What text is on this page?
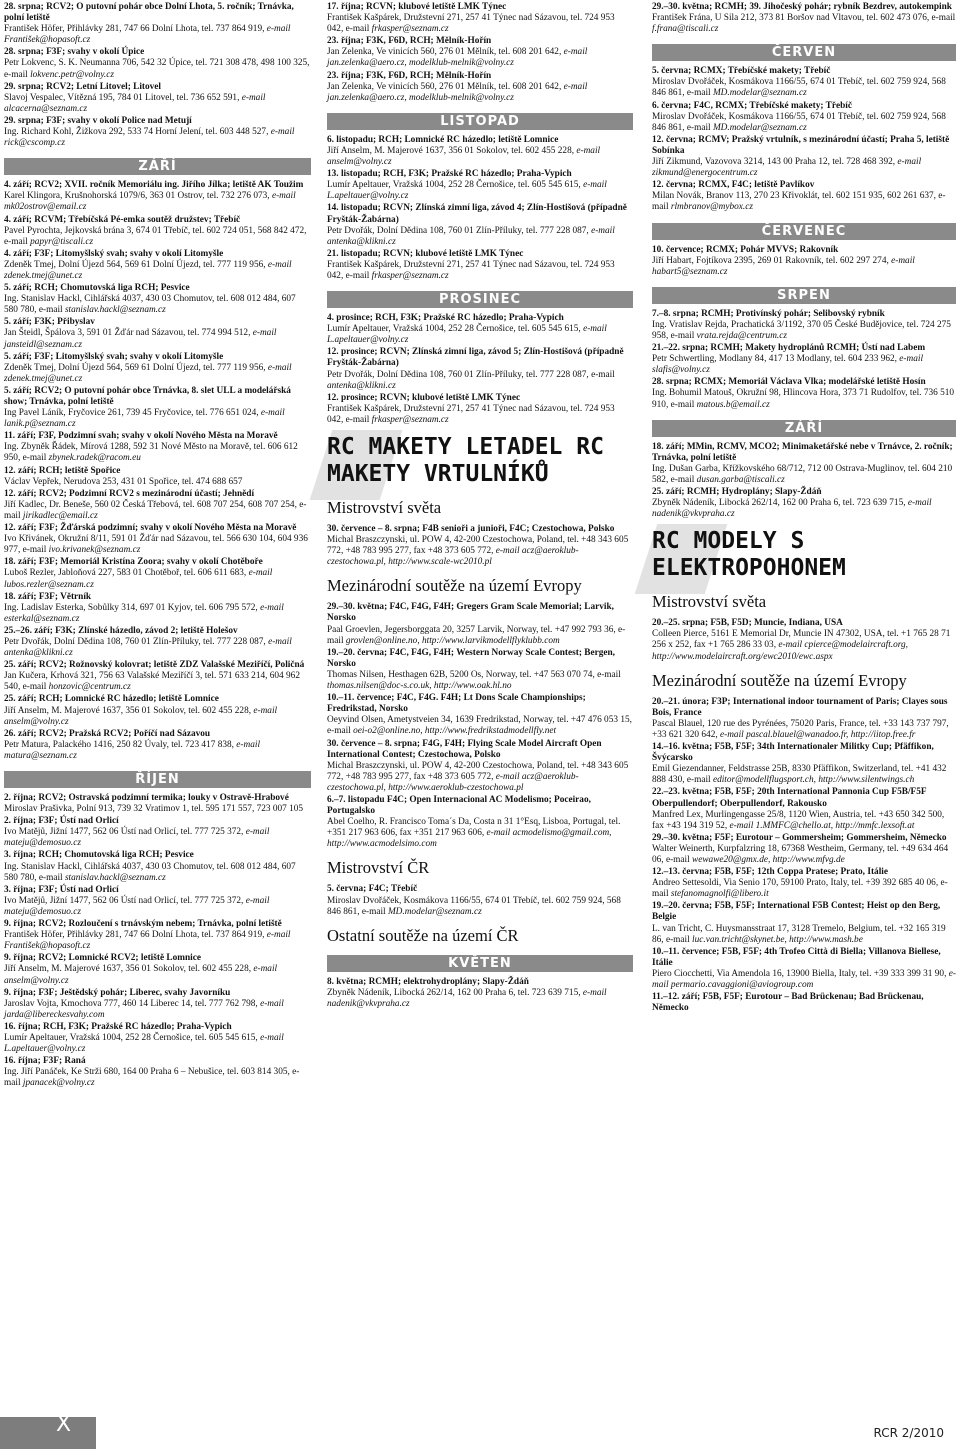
28. srpna; RCV2; O putovní pohár obce Dolní Lhota, 5. ročník; Trnávka, polní letiště
František Höfer, Přihlávky 281, 747 66 Dolní Lhota, tel. 737 864 919, e-mail František@hopasoft.cz
28. srpna; F3F; svahy v okolí Úpice
Petr Lokvenc, S. K. Neumanna 706, 542 32 Úpice, tel. 721 308 478, 498 100 325, e-mail lokvenc.petr@volny.cz
29. srpna; RCV2; Letní Litovel; Litovel
Slavoj Vespalec, Vítězná 195, 784 01 Litovel, tel. 736 652 591, e-mail alcacerna@seznam.cz
29. srpna; F3F; svahy v okolí Police nad Metují
Ing. Richard Kohl, Žižkova 292, 533 74 Horní Jelení, tel. 603 448 527, e-mail rick@cscomp.cz
ZÁŘÍ
4. září; RCV2; XVII. ročník Memoriálu ing. Jiřího Jílka; letiště AK Toužim
Karel Klingora, Krušnohorská 1079/6, 363 01 Ostrov, tel. 732 276 073, e-mail mk02ostrov@email.cz
4. září; RCVM; Třebíčská Pé-emka soutěž družstev; Třebíč
Pavel Pyrochta, Jejkovská brána 3, 674 01 Třebíč, tel. 602 724 051, 568 842 472, e-mail papyr@tiscali.cz
4. září; F3F; Litomyšlský svah; svahy v okolí Litomyšle
Zdeněk Tmej, Dolní Újezd 564, 569 61 Dolní Újezd, tel. 777 119 956, e-mail zdenek.tmej@unet.cz
5. září; RCH; Chomutovská liga RCH; Pesvice
Ing. Stanislav Hackl, Cihlářská 4037, 430 03 Chomutov, tel. 608 012 484, 607 580 780, e-mail stanislav.hackl@seznam.cz
5. září; F3K; Přibyslav
Jan Šteidl, Špálova 3, 591 01 Žďár nad Sázavou, tel. 774 994 512, e-mail jansteidl@seznam.cz
5. září; F3F; Litomyšlský svah; svahy v okolí Litomyšle
Zdeněk Tmej, Dolní Újezd 564, 569 61 Dolní Újezd, tel. 777 119 956, e-mail zdenek.tmej@unet.cz
5. září; RCV2; O putovní pohár obce Trnávka, 8. slet ULL a modelářská show; Trnávka, polní letiště
Ing Pavel Láník, Fryčovice 261, 739 45 Fryčovice, tel. 776 651 024, e-mail lanik.p@seznam.cz
11. září; F3F, Podzimní svah; svahy v okolí Nového Města na Moravě
Ing. Zbyněk Řádek, Mírová 1288, 592 31 Nové Město na Moravě, tel. 606 612 950, e-mail zbynek.radek@racom.eu
12. září; RCH; letiště Spořice
Václav Vepřek, Nerudova 253, 431 01 Spořice, tel. 474 688 657
12. září; RCV2; Podzimní RCV2 s mezinárodní účastí; Jehnědí
Jiří Kadlec, Dr. Beneše, 560 02 Česká Třebová, tel. 608 707 254, 608 707 254, e-mail jirikadlec@email.cz
12. září; F3F; Žďárská podzimní; svahy v okolí Nového Města na Moravě
Ivo Křivánek, Okružní 8/11, 591 01 Žďár nad Sázavou, tel. 566 630 104, 604 936 977, e-mail ivo.krivanek@seznam.cz
18. září; F3F; Memoriál Kristína Zoora; svahy v okolí Chotěboře
Luboš Rezler, Jabloňová 227, 583 01 Chotěboř, tel. 606 611 683, e-mail lubos.rezler@seznam.cz
18. září; F3F; Větrník
Ing. Ladislav Esterka, Sobůlky 314, 697 01 Kyjov, tel. 606 795 572, e-mail esterkal@seznam.cz
25.–26. září; F3K; Zlínské házedlo, závod 2; letiště Holešov
Petr Dvořák, Dolní Dědina 108, 760 01 Zlín-Příluky, tel. 777 228 087, e-mail antenka@klikni.cz
25. září; RCV2; Rožnovský kolovrat; letiště ZDZ Valašské Meziříčí, Poličná
Jan Kučera, Krhová 321, 756 63 Valašské Meziříčí 3, tel. 571 633 214, 604 962 540, e-mail honzovic@centrum.cz
25. září; RCH; Lomnické RC házedlo; letiště Lomnice
Jiří Anselm, M. Majerové 1637, 356 01 Sokolov, tel. 602 455 228, e-mail anselm@volny.cz
26. září; RCV2; Pražská RCV2; Poříčí nad Sázavou
Petr Matura, Palackého 1416, 250 82 Úvaly, tel. 723 417 838, e-mail matura@seznam.cz
ŘÍJEN
2. října; RCV2; Ostravská podzimní termika; louky v Ostravě-Hrabové
Miroslav Prašivka, Polní 913, 739 32 Vratimov 1, tel. 595 171 557, 723 007 105
2. října; F3F; Ústí nad Orlicí
Ivo Matějů, Jižní 1477, 562 06 Ústí nad Orlicí, tel. 777 725 372, e-mail mateju@demosuo.cz
3. října; RCH; Chomutovská liga RCH; Pesvice
Ing. Stanislav Hackl, Cihlářská 4037, 430 03 Chomutov, tel. 608 012 484, 607 580 780, e-mail stanislav.hackl@seznam.cz
3. října; F3F; Ústí nad Orlicí
Ivo Matějů, Jižní 1477, 562 06 Ústí nad Orlicí, tel. 777 725 372, e-mail mateju@demosuo.cz
9. října; RCV2; Rozloučení s trnávským nebem; Trnávka, polní letiště
František Höfer, Přihlávky 281, 747 66 Dolní Lhota, tel. 737 864 919, e-mail František@hopasoft.cz
9. října; RCV2; Lomnické RCV2; letiště Lomnice
Jiří Anselm, M. Majerové 1637, 356 01 Sokolov, tel. 602 455 228, e-mail anselm@volny.cz
9. října; F3F; Ještědský pohár; Liberec, svahy Javorníku
Jaroslav Vojta, Kmochova 777, 460 14 Liberec 14, tel. 777 762 798, e-mail jarda@libereckesvahy.com
16. října; RCH, F3K; Pražské RC házedlo; Praha-Vypich
Lumír Apeltauer, Vražská 1004, 252 28 Černošice, tel. 605 545 615, e-mail L.apeltauer@volny.cz
16. října; F3F; Raná
Ing. Jiří Panáček, Ke Strži 680, 164 00 Praha 6 – Nebušice, tel. 603 814 305, e-mail jpanacek@volny.cz
17. října; RCVN; klubové letiště LMK Týnec
František Kašpárek, Družstevní 271, 257 41 Týnec nad Sázavou, tel. 724 953 042, e-mail frkasper@seznam.cz
23. října; F3K, F6D, RCH; Mělník-Hořín
Jan Zelenka, Ve vinicích 560, 276 01 Mělník, tel. 608 201 642, e-mail jan.zelenka@aero.cz, modelklub-melnik@volny.cz
23. října; F3K, F6D, RCH; Mělník-Hořín
Jan Zelenka, Ve vinicích 560, 276 01 Mělník, tel. 608 201 642, e-mail jan.zelenka@aero.cz, modelklub-melnik@volny.cz
LISTOPAD
6. listopadu; RCH; Lomnické RC házedlo; letiště Lomnice
Jiří Anselm, M. Majerové 1637, 356 01 Sokolov, tel. 602 455 228, e-mail anselm@volny.cz
13. listopadu; RCH, F3K; Pražské RC házedlo; Praha-Vypich
Lumír Apeltauer, Vražská 1004, 252 28 Černošice, tel. 605 545 615, e-mail L.apeltauer@volny.cz
14. listopadu; RCVN; Zlínská zimní liga, závod 4; Zlín-Hostišová (případně Fryšták-Žabárna)
Petr Dvořák, Dolní Dědina 108, 760 01 Zlín-Příluky, tel. 777 228 087, e-mail antenka@klikni.cz
21. listopadu; RCVN; klubové letiště LMK Týnec
František Kašpárek, Družstevní 271, 257 41 Týnec nad Sázavou, tel. 724 953 042, e-mail frkasper@seznam.cz
PROSINEC
4. prosince; RCH, F3K; Pražské RC házedlo; Praha-Vypich
Lumír Apeltauer, Vražská 1004, 252 28 Černošice, tel. 605 545 615, e-mail L.apeltauer@volny.cz
12. prosince; RCVN; Zlínská zimní liga, závod 5; Zlín-Hostišová (případně Fryšták-Žabárna)
Petr Dvořák, Dolní Dědina 108, 760 01 Zlín-Příluky, tel. 777 228 087, e-mail antenka@klikni.cz
12. prosince; RCVN; klubové letiště LMK Týnec
František Kašpárek, Družstevní 271, 257 41 Týnec nad Sázavou, tel. 724 953 042, e-mail frkasper@seznam.cz
RC MAKETY LETADEL RC MAKETY VRTULNÍKŮ
Mistrovství světa
30. července – 8. srpna; F4B senioři a junioři, F4C; Czestochowa, Polsko
Michal Braszczynski, ul. POW 4, 42-200 Czestochowa, Poland, tel. +48 343 605 772, +48 783 995 277, fax +48 373 605 772, e-mail acz@aeroklub-czestochowa.pl, http://www.scale-wc2010.pl
Mezinárodní soutěže na území Evropy
29.–30. května; F4C, F4G, F4H; Gregers Gram Scale Memorial; Larvik, Norsko
Paal Groevlen, Jegersborggata 20, 3257 Larvik, Norway, tel. +47 992 793 36, e-mail grovlen@online.no, http://www.larvikmodellflyklubb.com
19.–20. června; F4C, F4G, F4H; Western Norway Scale Contest; Bergen, Norsko
Thomas Nilsen, Hesthagen 62B, 5200 Os, Norway, tel. +47 563 070 74, e-mail thomas.nilsen@doc-s.co.uk, http://www.oak.hl.no
10.–11. července; F4C, F4G. F4H; Lt Dons Scale Championships; Fredrikstad, Norsko
Oeyvind Olsen, Ametystveien 34, 1639 Fredrikstad, Norway, tel. +47 476 053 15, e-mail oei-o2@online.no, http://www.fredrikstadmodellfly.net
30. července – 8. srpna; F4G, F4H; Flying Scale Model Aircraft Open International Contest; Czestochowa, Polsko
Michal Braszczynski, ul. POW 4, 42-200 Czestochowa, Poland, tel. +48 343 605 772, +48 783 995 277, fax +48 373 605 772, e-mail acz@aeroklub-czestochowa.pl, http://www.aeroklub-czestochowa.pl
6.–7. listopadu F4C; Open Internacional AC Modelismo; Poceirao, Portugalsko
Abel Coelho, R. Francisco Toma´s Da, Costa n 31 1°Esq, Lisboa, Portugal, tel. +351 217 963 606, fax +351 217 963 606, e-mail acmodelismo@gmail.com, http://www.acmodelsimo.com
Mistrovství ČR
5. června; F4C; Třebíč
Miroslav Dvořáček, Kosmákova 1166/55, 674 01 Třebíč, tel. 602 759 924, 568 846 861, e-mail MD.modelar@seznam.cz
Ostatní soutěže na území ČR
KVĚTEN
8. května; RCMH; elektrohydroplány; Slapy-Ždáň
Zbyněk Nádeník, Libocká 262/14, 162 00 Praha 6, tel. 723 639 715, e-mail nadenik@vkvpraha.cz
29.–30. května; RCMH; 39. Jihočeský pohár; rybník Bezdrev, autokempink
František Frána, U Sila 212, 373 81 Boršov nad Vltavou, tel. 602 473 076, e-mail f.frana@tiscali.cz
ČERVEN
5. června; RCMX; Třebíčské makety; Třebíč
Miroslav Dvořáček, Kosmákova 1166/55, 674 01 Třebíč, tel. 602 759 924, 568 846 861, e-mail MD.modelar@seznam.cz
6. června; F4C, RCMX; Třebíčské makety; Třebíč
Miroslav Dvořáček, Kosmákova 1166/55, 674 01 Třebíč, tel. 602 759 924, 568 846 861, e-mail MD.modelar@seznam.cz
12. června; RCMV; Pražský vrtulník, s mezinárodní účastí; Praha 5, letiště Sobínka
Jiří Zikmund, Vazovova 3214, 143 00 Praha 12, tel. 728 468 392, e-mail zikmund@energocentrum.cz
12. června; RCMX, F4C; letiště Pavlíkov
Milan Novák, Branov 113, 270 23 Křivoklát, tel. 602 151 935, 602 261 637, e-mail rlmbranov@mybox.cz
ČERVENEC
10. července; RCMX; Pohár MVVS; Rakovník
Jiří Habart, Fojtíkova 2395, 269 01 Rakovník, tel. 602 297 274, e-mail habart5@seznam.cz
SRPEN
7.–8. srpna; RCMH; Protivínský pohár; Selibovský rybník
Ing. Vratislav Rejda, Prachatická 3/1192, 370 05 České Budějovice, tel. 724 275 958, e-mail vratа.rejda@centrum.cz
21.–22. srpna; RCMH; Makety hydroplánů RCMH; Ústí nad Labem
Petr Schwertling, Modlany 84, 417 13 Modlany, tel. 604 233 962, e-mail slafis@volny.cz
28. srpna; RCMX; Memoriál Václava Vlka; modelářské letiště Hosín
Ing. Bohumil Matouš, Okružní 98, Hlincova Hora, 373 71 Rudolfov, tel. 736 510 910, e-mail matous.b@email.cz
ZÁŘÍ
18. září; MMin, RCMV, MCO2; Minimaketářské nebe v Trnávce, 2. ročník; Trnávka, polní letiště
Ing. Dušan Garba, Křížkovského 68/712, 712 00 Ostrava-Muglinov, tel. 604 210 582, e-mail dusan.garba@tiscali.cz
25. září; RCMH; Hydroplány; Slapy-Ždáň
Zbyněk Nádeník, Libocká 262/14, 162 00 Praha 6, tel. 723 639 715, e-mail nadenik@vkvpraha.cz
RC MODELY S ELEKTROPOHONEM
Mistrovství světa
20.–25. srpna; F5B, F5D; Muncie, Indiana, USA
Colleen Pierce, 5161 E Memorial Dr, Muncie IN 47302, USA, tel. +1 765 28 71 256 x 252, fax +1 765 286 33 03, e-mail cpierce@modelaircraft.org, http://www.modelaircraft.org/ewc2010/ewc.aspx
Mezinárodní soutěže na území Evropy
20.–21. února; F3P; International indoor tournament of Paris; Clayes sous Bois, France
Pascal Blauel, 120 rue des Pyrénées, 75020 Paris, France, tel. +33 143 737 797, +33 621 320 642, e-mail pascal.blauel@wanadoo.fr, http://iitop.free.fr
14.–16. května; F5B, F5F; 34th Internationaler Militky Cup; Pfäffikon, Švýcarsko
Emil Giezendanner, Feldstrasse 25B, 8330 Pfäffikon, Switzerland, tel. +41 432 888 430, e-mail editor@modellflugsport.ch, http://www.silentwings.ch
22.–23. května; F5B, F5F; 20th International Pannonia Cup F5B/F5F Oberpullendorf; Oberpullendorf, Rakousko
Manfred Lex, Murlingengasse 25/8, 1120 Wien, Austria, tel. +43 650 342 500, fax +43 194 319 52, e-mail 1.MMFC@chello.at, http://mmfc.lexsoft.at
29.–30. května; F5F; Eurotour – Gommersheim; Gommersheim, Německo
Walter Weinerth, Kurpfalzring 18, 67368 Westheim, Germany, tel. +49 634 464 06, e-mail wewawe20@gmx.de, http://www.mfvg.de
12.–13. června; F5B, F5F; 12th Coppa Pratese; Prato, Itálie
Andreo Settesoldi, Via Senio 170, 59100 Prato, Italy, tel. +39 392 685 40 06, e-mail stefanomagnolfi@libero.it
19.–20. června; F5B, F5F; International F5B Contest; Heist op den Berg, Belgie
L. van Tricht, C. Huysmansstraat 17, 3128 Tremelo, Belgium, tel. +32 165 319 86, e-mail luc.van.tricht@skynet.be, http://www.mash.be
10.–11. července; F5B, F5F; 4th Trofeo Città di Biella; Villanova Biellese, Itálie
Piero Ciocchetti, Via Amendola 16, 13900 Biella, Italy, tel. +39 333 399 31 90, e-mail permario.cavaggioni@aviogroup.com
11.–12. září; F5B, F5F; Eurotour – Bad Brückenau; Bad Brückenau, Německo
X	RCR 2/2010
